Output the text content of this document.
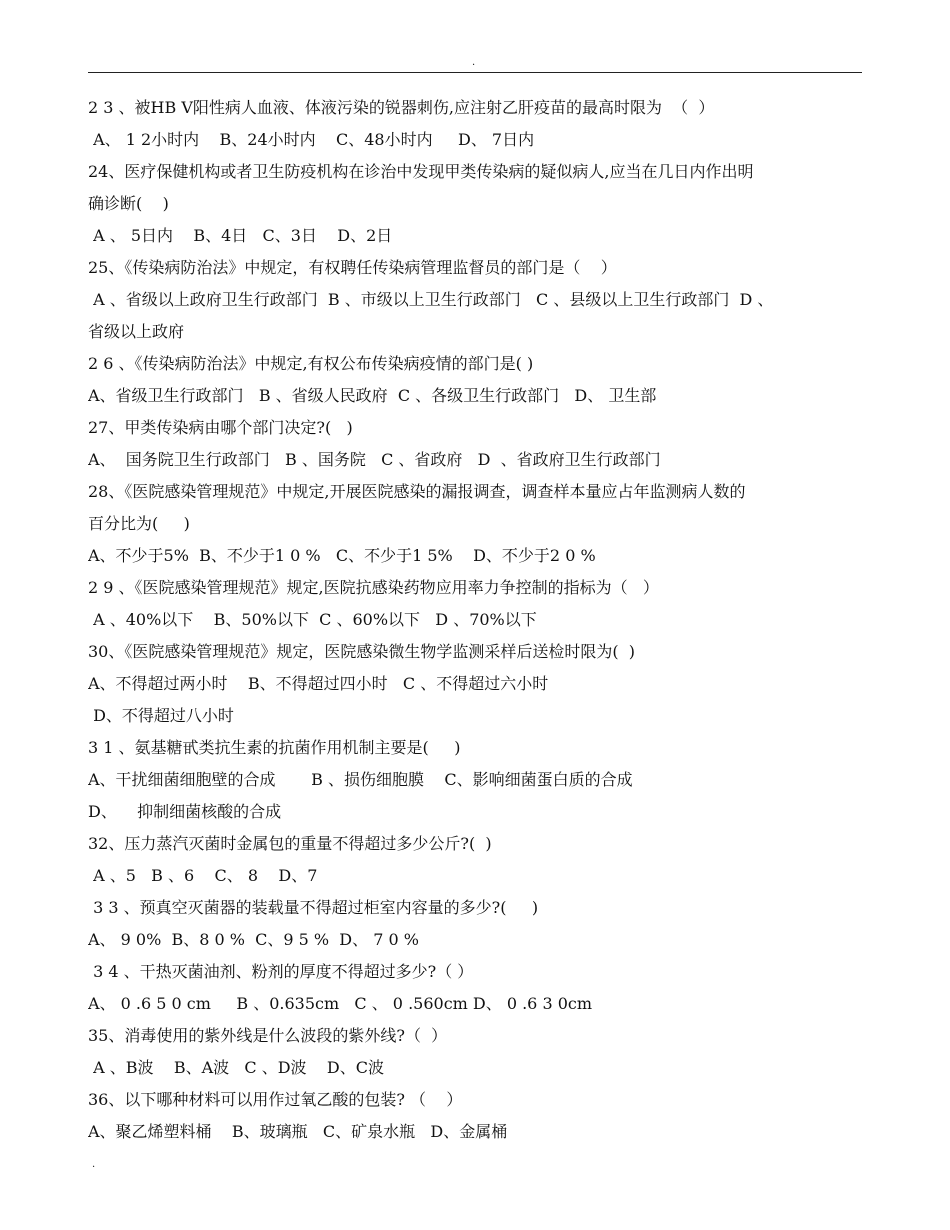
.
2 3 、被HB V阳性病人血液、体液污染的锐器刺伤,应注射乙肝疫苗的最高时限为  （  ）
A、 1 2小时内    B、24小时内    C、48小时内     D、 7日内
24、医疗保健机构或者卫生防疫机构在诊治中发现甲类传染病的疑似病人,应当在几日内作出明
确诊断(    )
A 、 5日内    B、4日   C、3日    D、2日
25、《传染病防治法》中规定，有权聘任传染病管理监督员的部门是（    ）
A 、省级以上政府卫生行政部门  B 、市级以上卫生行政部门   C 、县级以上卫生行政部门  D 、
省级以上政府
2 6 、《传染病防治法》中规定,有权公布传染病疫情的部门是( )
A、省级卫生行政部门   B 、省级人民政府  C 、各级卫生行政部门   D、 卫生部
27、甲类传染病由哪个部门决定?(   )
A、  国务院卫生行政部门   B 、国务院   C 、省政府   D  、省政府卫生行政部门
28、《医院感染管理规范》中规定,开展医院感染的漏报调查，调查样本量应占年监测病人数的
百分比为(     )
A、不少于5%  B、不少于1 0 %   C、不少于1 5%    D、不少于2 0 %
2 9 、《医院感染管理规范》规定,医院抗感染药物应用率力争控制的指标为（   ）
A 、40%以下    B、50%以下  C 、60%以下   D 、70%以下
30、《医院感染管理规范》规定，医院感染微生物学监测采样后送检时限为(  )
A、不得超过两小时    B、不得超过四小时   C 、不得超过六小时
D、不得超过八小时
3 1 、氨基糖甙类抗生素的抗菌作用机制主要是(     )
A、干扰细菌细胞壁的合成       B 、损伤细胞膜    C、影响细菌蛋白质的合成
D、    抑制细菌核酸的合成
32、压力蒸汽灭菌时金属包的重量不得超过多少公斤?(  )
A 、5   B 、6    C、 8    D、7
3 3 、预真空灭菌器的装载量不得超过柜室内容量的多少?(     )
A、 9 0%  B、8 0 %  C、9 5 %  D、 7 0 %
3 4 、干热灭菌油剂、粉剂的厚度不得超过多少?（ ）
A、 0 .6 5 0 cm     B 、0.635cm   C 、 0 .560cm D、 0 .6 3 0cm
35、消毒使用的紫外线是什么波段的紫外线?（  ）
A 、B波    B、A波   C 、D波    D、C波
36、以下哪种材料可以用作过氧乙酸的包装? （    ）
A、聚乙烯塑料桶    B、玻璃瓶   C、矿泉水瓶   D、金属桶
.
